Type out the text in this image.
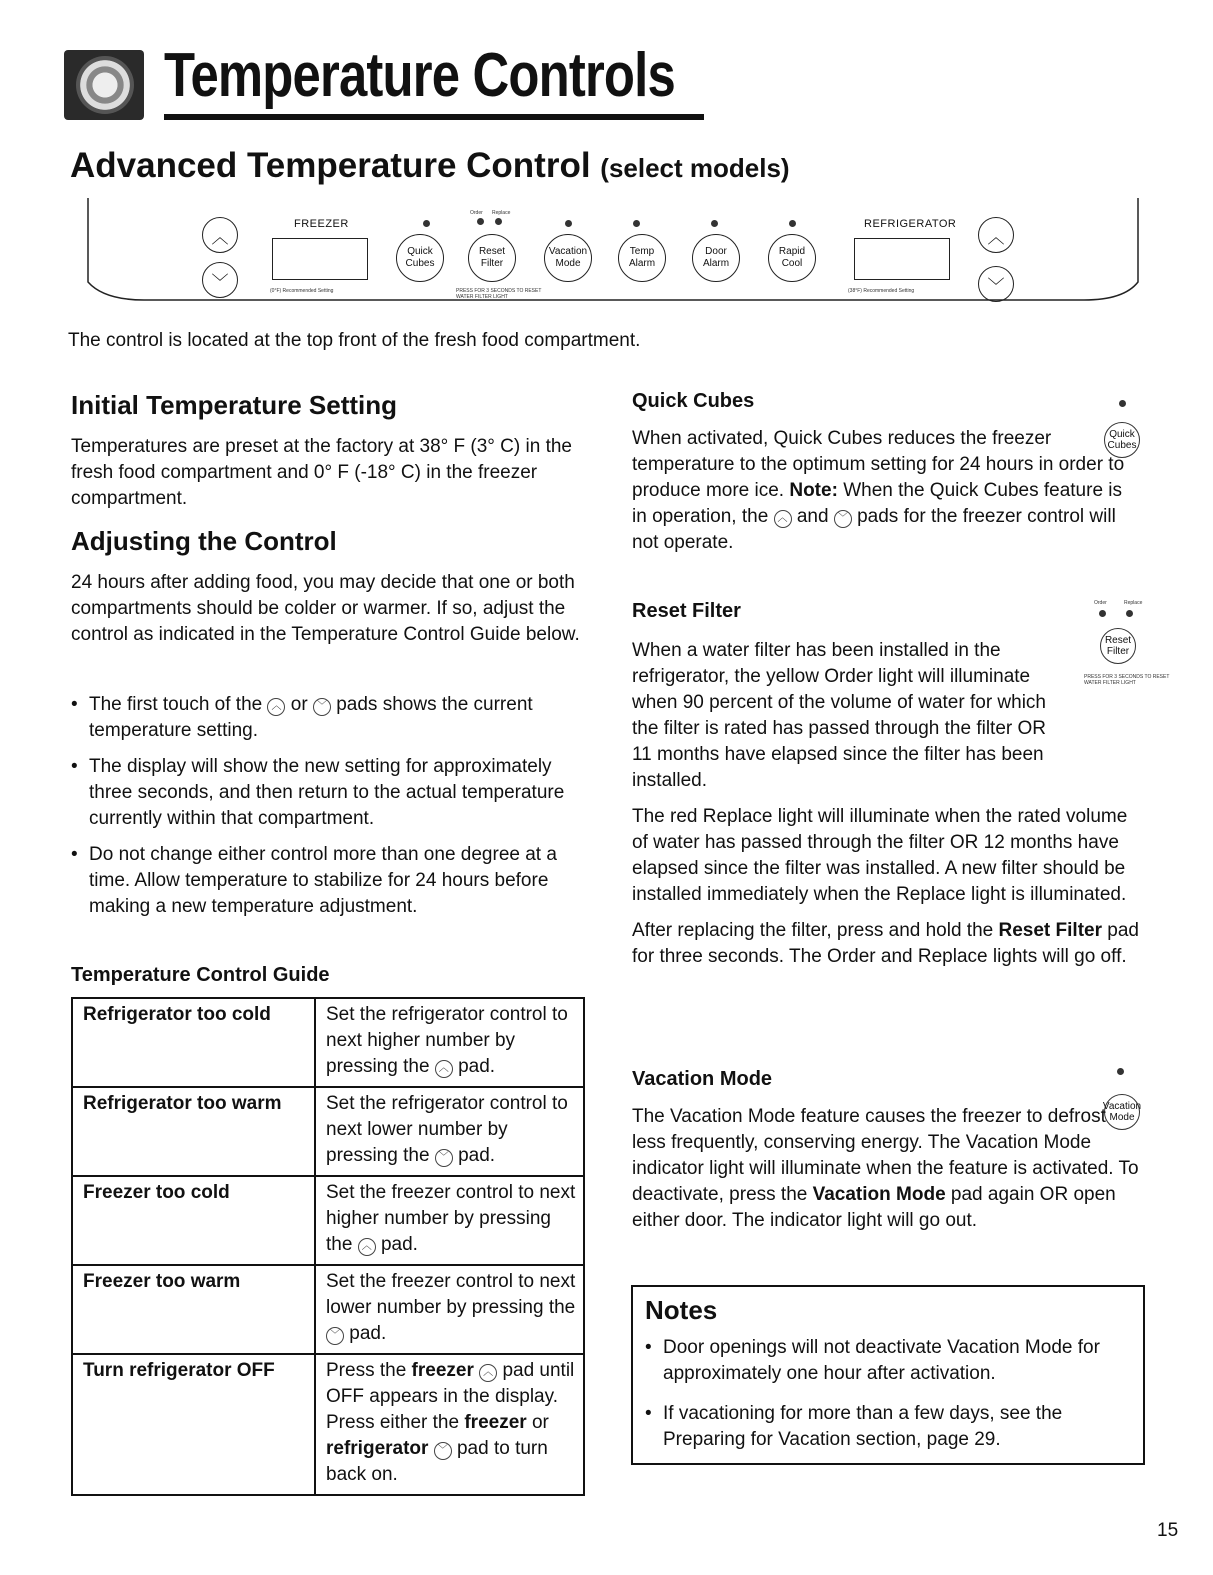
Temperature Controls
Advanced Temperature Control (select models)
︿
﹀
FREEZER
(0°F) Recommended Setting
Order Replace
Quick Cubes
Reset Filter
Vacation Mode
Temp Alarm
Door Alarm
Rapid Cool
PRESS FOR 3 SECONDS TO RESET WATER FILTER LIGHT
REFRIGERATOR
(38°F) Recommended Setting
︿
﹀
The control is located at the top front of the fresh food compartment.
Initial Temperature Setting
Temperatures are preset at the factory at 38° F (3° C) in the fresh food compartment and 0° F (-18° C) in the freezer compartment.
Adjusting the Control
24 hours after adding food, you may decide that one or both compartments should be colder or warmer. If so, adjust the control as indicated in the Temperature Control Guide below.
• The first touch of the ︿ or ﹀ pads shows the current temperature setting.
• The display will show the new setting for approximately three seconds, and then return to the actual temperature currently within that compartment.
• Do not change either control more than one degree at a time. Allow temperature to stabilize for 24 hours before making a new temperature adjustment.
Temperature Control Guide
Refrigerator too cold	Set the refrigerator control to next higher number by pressing the ︿ pad.
Refrigerator too warm	Set the refrigerator control to next lower number by pressing the ﹀ pad.
Freezer too cold	Set the freezer control to next higher number by pressing the ︿ pad.
Freezer too warm	Set the freezer control to next lower number by pressing the ﹀ pad.
Turn refrigerator OFF	Press the freezer ︿ pad until OFF appears in the display. Press either the freezer or refrigerator ﹀ pad to turn back on.
Quick Cubes
Quick Cubes
When activated, Quick Cubes reduces the freezer temperature to the optimum setting for 24 hours in order to produce more ice. Note: When the Quick Cubes feature is in operation, the ︿ and ﹀ pads for the freezer control will not operate.
Reset Filter	Order	Replace
Reset Filter
PRESS FOR 3 SECONDS TO RESET WATER FILTER LIGHT

When a water filter has been installed in the refrigerator, the yellow Order light will illuminate when 90 percent of the volume of water for which the filter is rated has passed through the filter OR 11 months have elapsed since the filter has been installed.

The red Replace light will illuminate when the rated volume of water has passed through the filter OR 12 months have elapsed since the filter was installed. A new filter should be installed immediately when the Replace light is illuminated.

After replacing the filter, press and hold the Reset Filter pad for three seconds. The Order and Replace lights will go off.

Vacation Mode
Vacation Mode
The Vacation Mode feature causes the freezer to defrost less frequently, conserving energy. The Vacation Mode indicator light will illuminate when the feature is activated. To deactivate, press the Vacation Mode pad again OR open either door. The indicator light will go out.
Notes
• Door openings will not deactivate Vacation Mode for approximately one hour after activation.
• If vacationing for more than a few days, see the Preparing for Vacation section, page 29.
15
